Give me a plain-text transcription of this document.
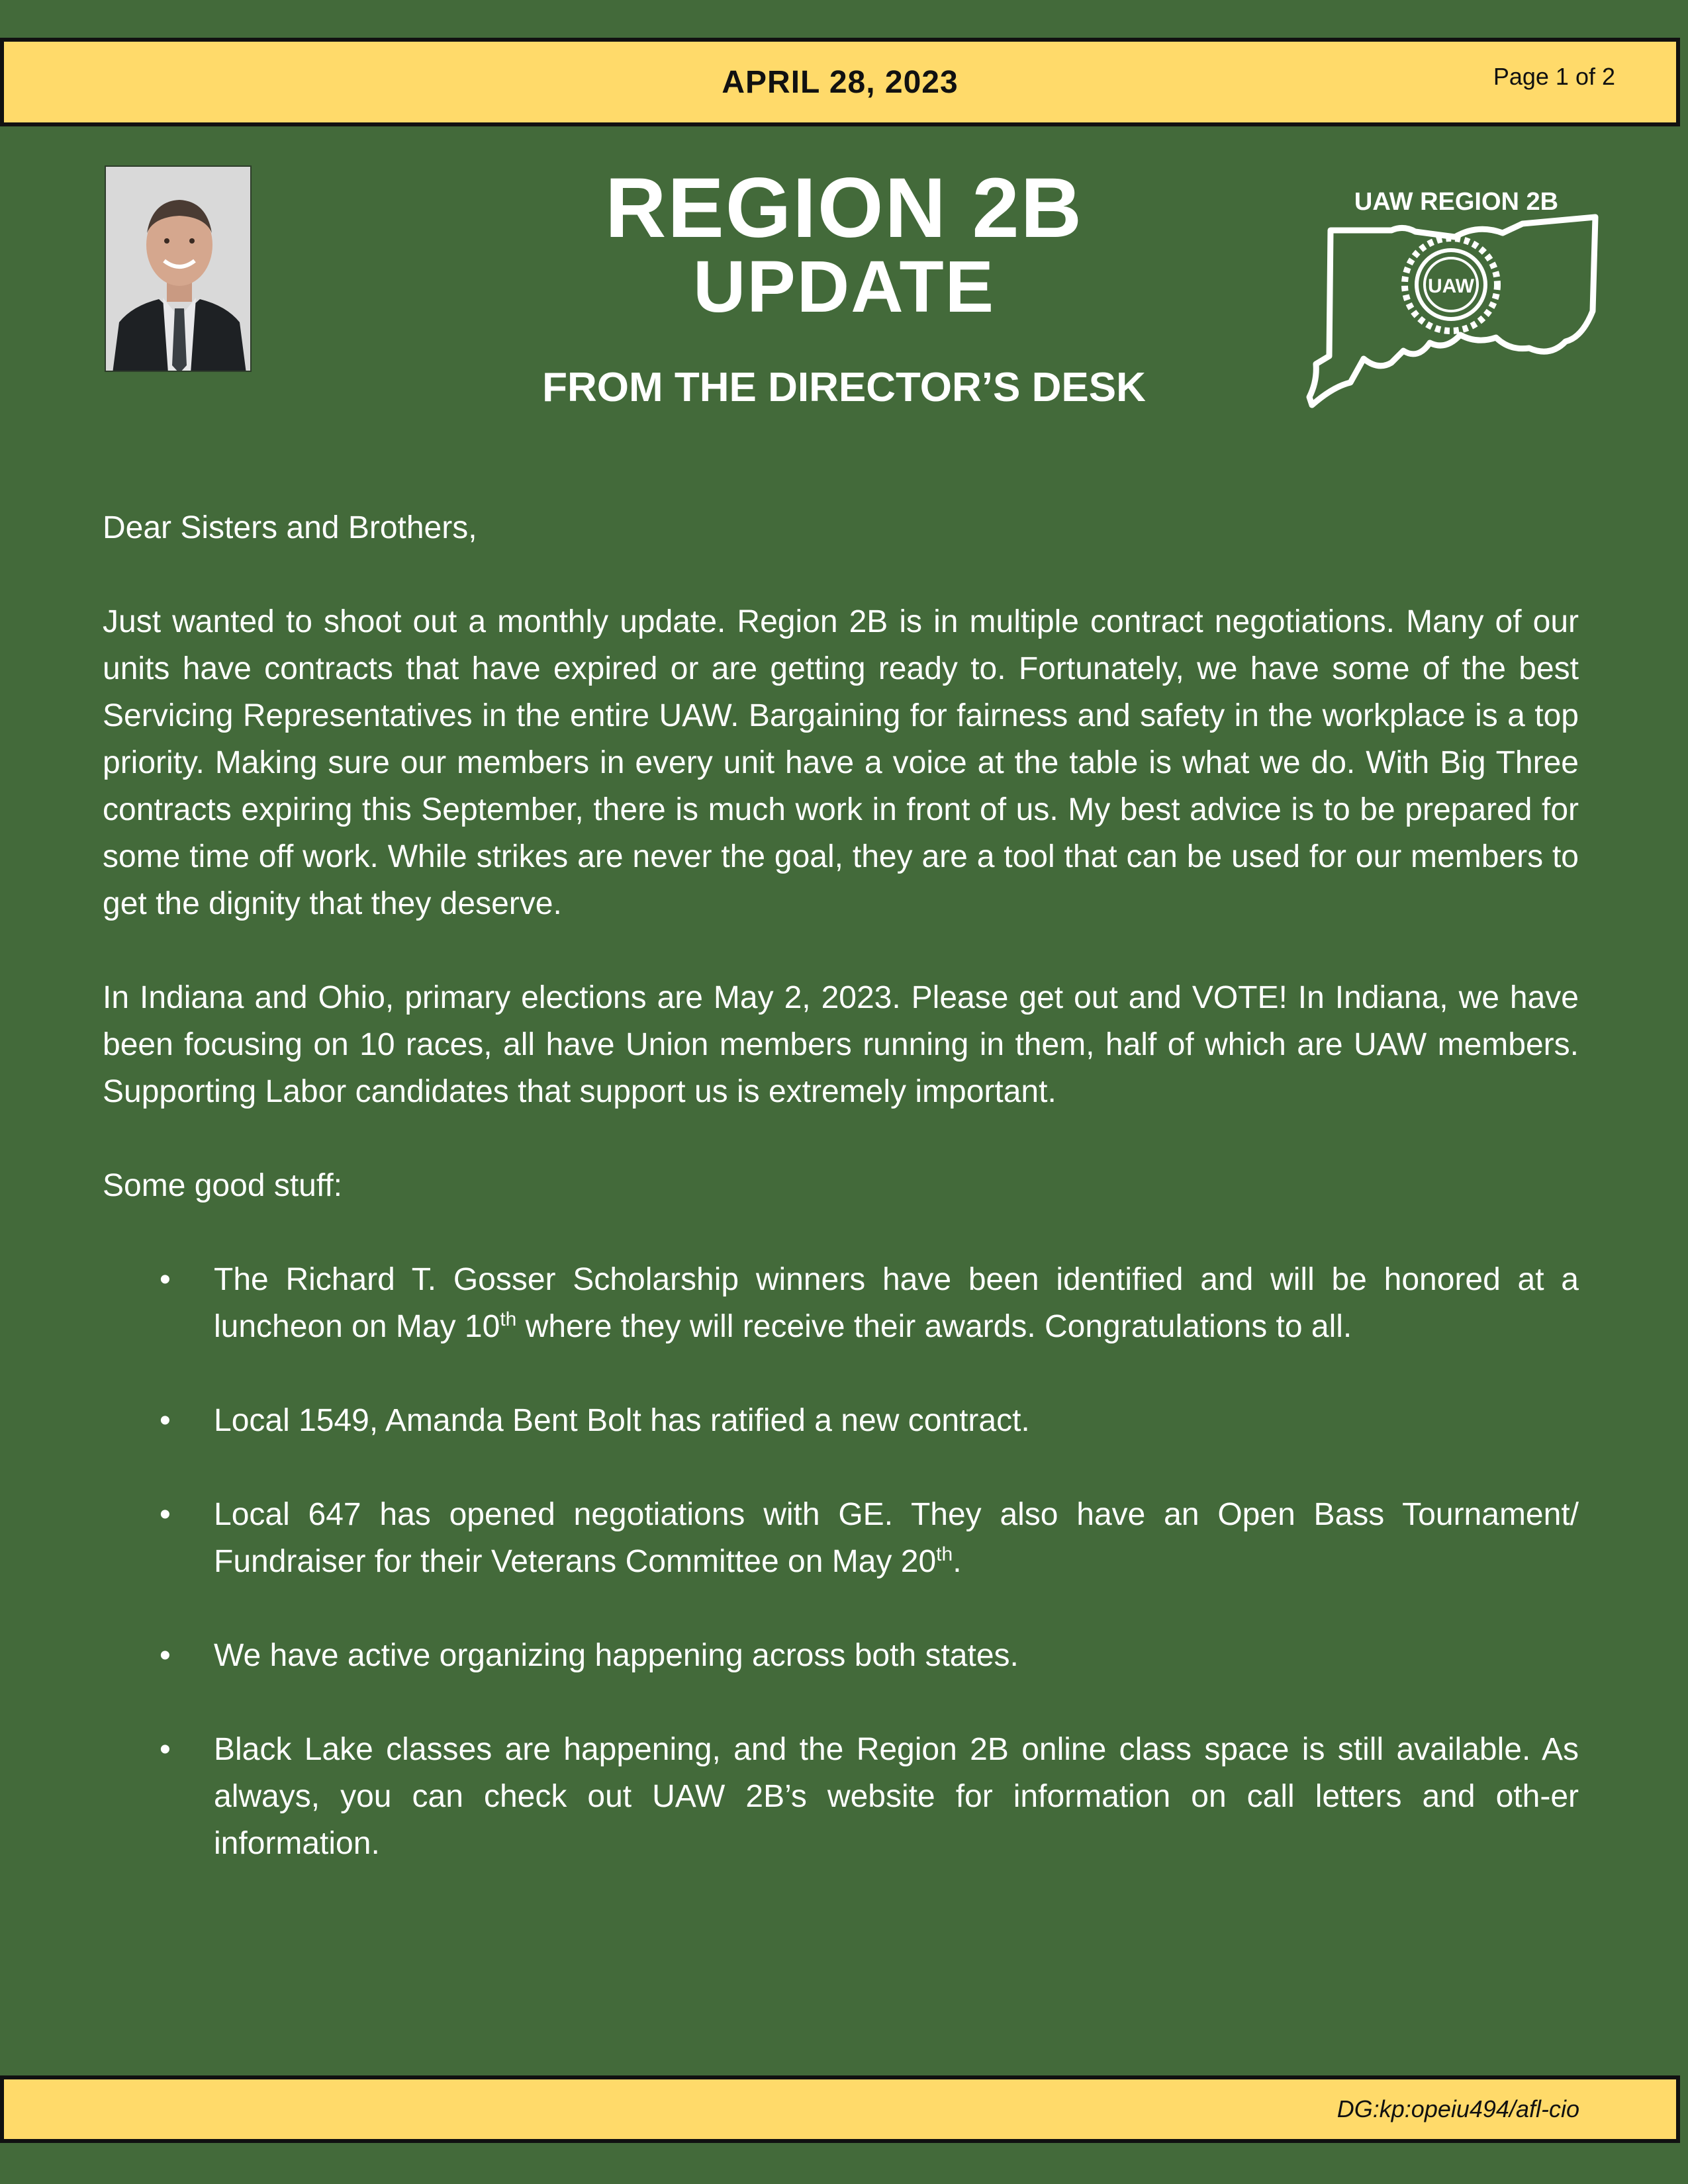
APRIL 28, 2023	Page 1 of 2
REGION 2B
UPDATE
FROM THE DIRECTOR’S DESK
UAW REGION 2B
UAW

Dear Sisters and Brothers,

Just wanted to shoot out a monthly update. Region 2B is in multiple contract negotiations. Many of our units have contracts that have expired or are getting ready to. Fortunately, we have some of the best Servicing Representatives in the entire UAW. Bargaining for fairness and safety in the workplace is a top priority. Making sure our members in every unit have a voice at the table is what we do. With Big Three contracts expiring this September, there is much work in front of us. My best advice is to be prepared for some time off work. While strikes are never the goal, they are a tool that can be used for our members to get the dignity that they deserve.

In Indiana and Ohio, primary elections are May 2, 2023. Please get out and VOTE! In Indiana, we have been focusing on 10 races, all have Union members running in them, half of which are UAW members. Supporting Labor candidates that support us is extremely important.

Some good stuff:

• The Richard T. Gosser Scholarship winners have been identified and will be honored at a luncheon on May 10th where they will receive their awards. Congratulations to all.
• Local 1549, Amanda Bent Bolt has ratified a new contract.
• Local 647 has opened negotiations with GE. They also have an Open Bass Tournament/ Fundraiser for their Veterans Committee on May 20th.
• We have active organizing happening across both states.
• Black Lake classes are happening, and the Region 2B online class space is still available. As always, you can check out UAW 2B’s website for information on call letters and oth-er information.
DG:kp:opeiu494/afl-cio
